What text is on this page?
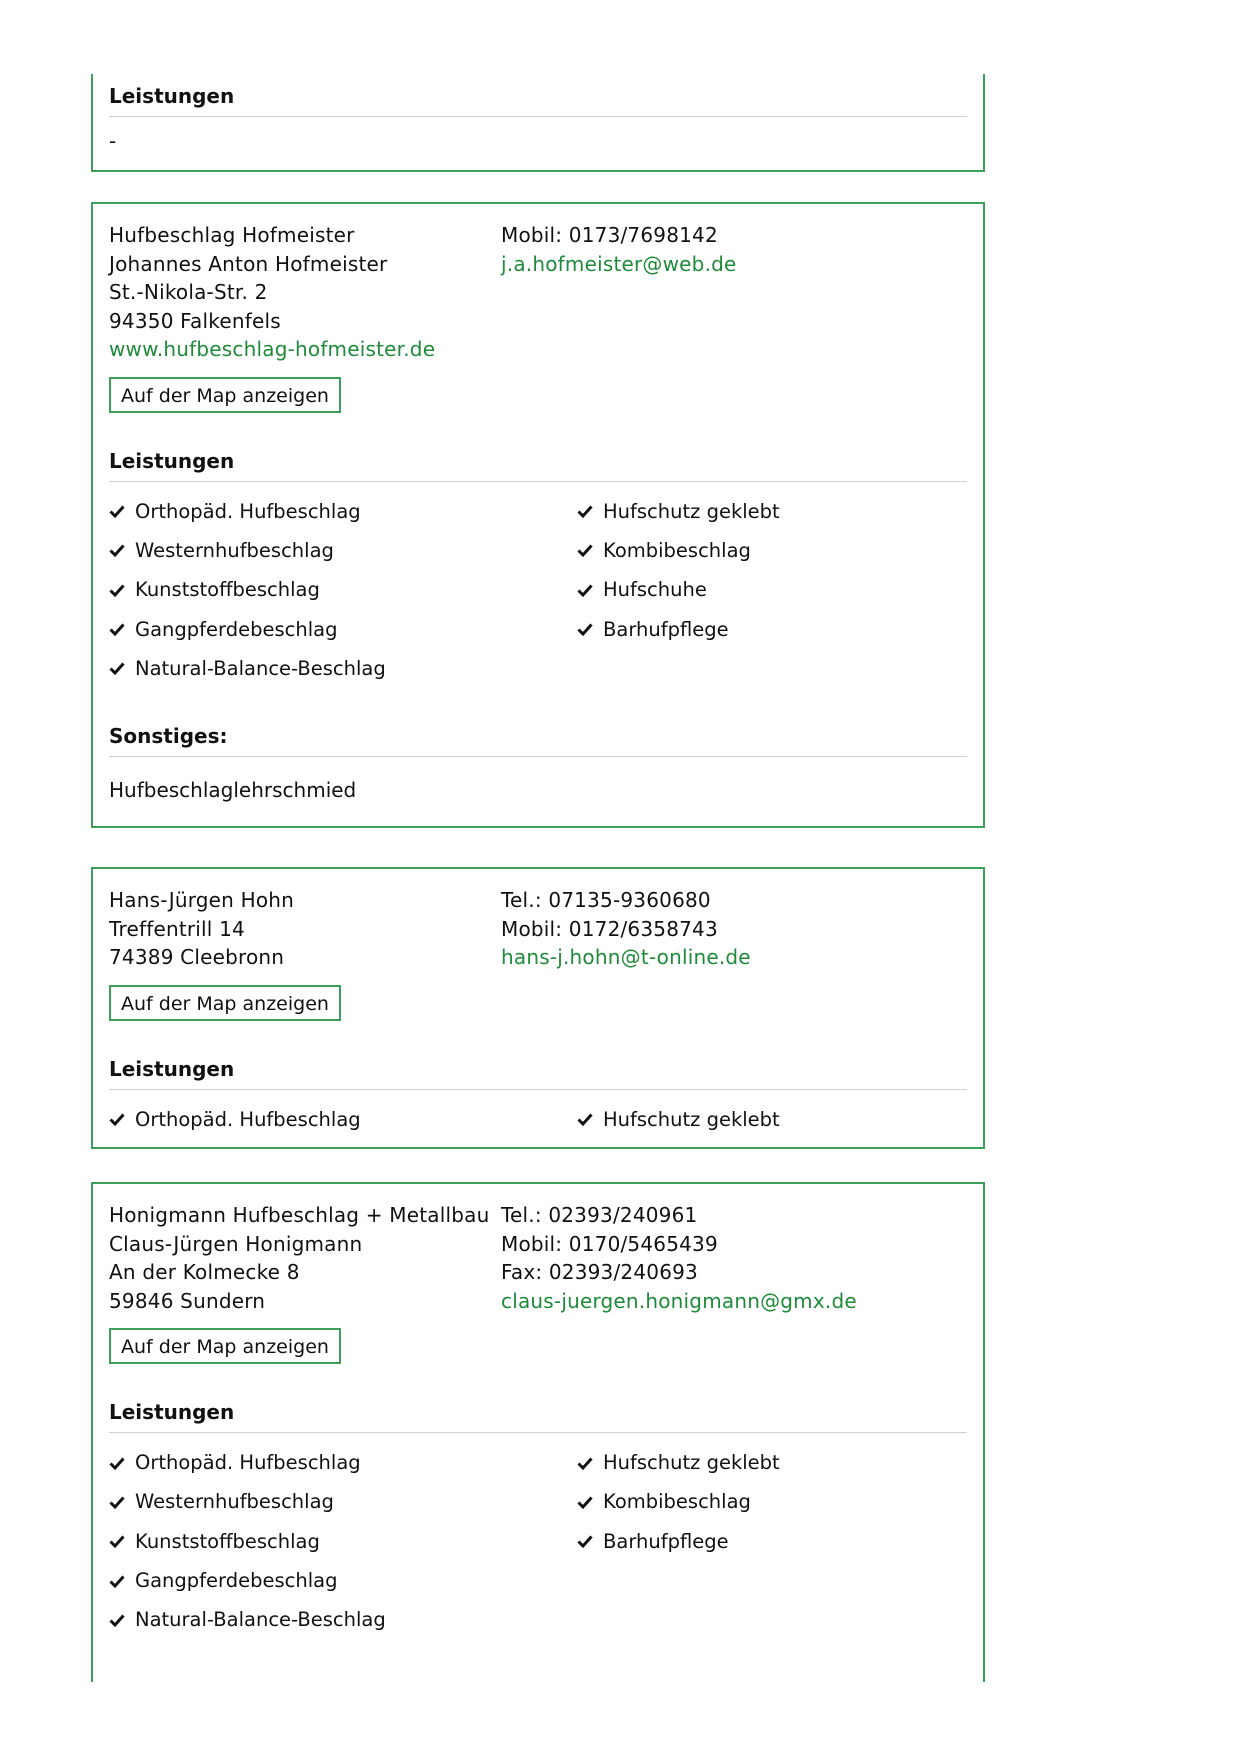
Leistungen
-
Hufbeschlag Hofmeister
Johannes Anton Hofmeister
St.-Nikola-Str. 2
94350 Falkenfels
www.hufbeschlag-hofmeister.de
Mobil: 0173/7698142
j.a.hofmeister@web.de
Auf der Map anzeigen
Leistungen
Orthopäd. Hufbeschlag
Westernhufbeschlag
Kunststoffbeschlag
Gangpferdebeschlag
Natural-Balance-Beschlag
Hufschutz geklebt
Kombibeschlag
Hufschuhe
Barhufpflege
Sonstiges:
Hufbeschlaglehrschmied
Hans-Jürgen Hohn
Treffentrill 14
74389 Cleebronn
Tel.: 07135-9360680
Mobil: 0172/6358743
hans-j.hohn@t-online.de
Auf der Map anzeigen
Leistungen
Orthopäd. Hufbeschlag	Hufschutz geklebt
Honigmann Hufbeschlag + Metallbau
Claus-Jürgen Honigmann
An der Kolmecke 8
59846 Sundern
Tel.: 02393/240961
Mobil: 0170/5465439
Fax: 02393/240693
claus-juergen.honigmann@gmx.de
Auf der Map anzeigen
Leistungen
Orthopäd. Hufbeschlag
Westernhufbeschlag
Kunststoffbeschlag
Gangpferdebeschlag
Natural-Balance-Beschlag
Hufschutz geklebt
Kombibeschlag
Barhufpflege
